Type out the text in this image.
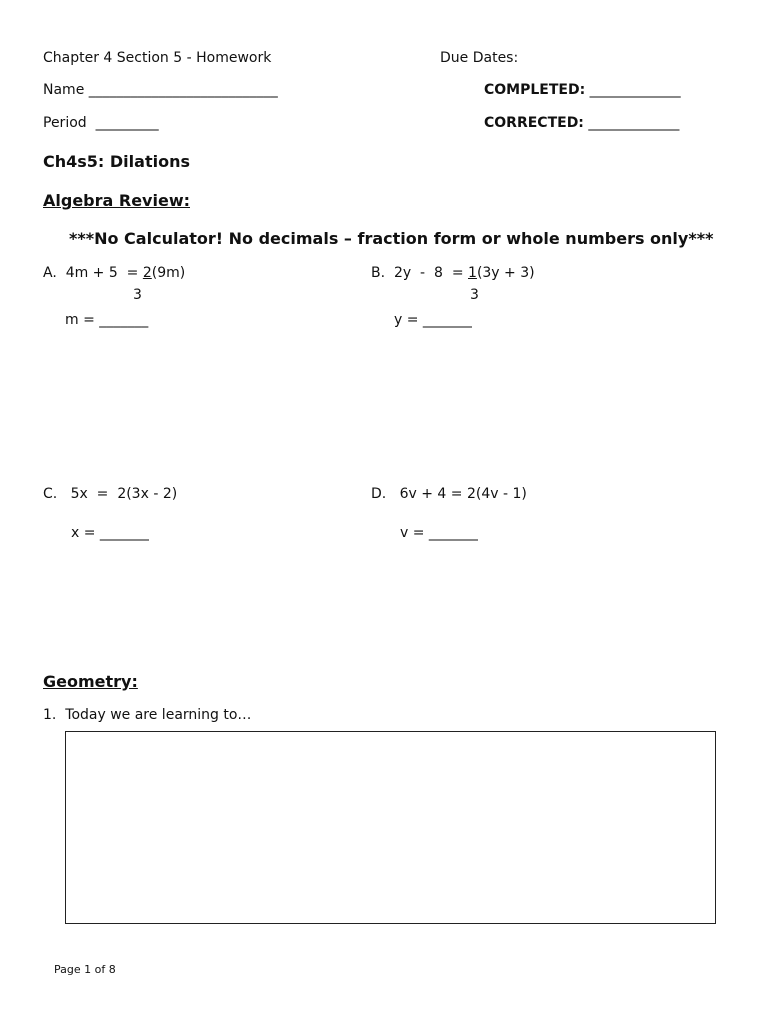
Chapter 4 Section 5 - Homework	Due Dates:
Name ___________________________	COMPLETED: _____________
Period _________	CORRECTED: _____________
Ch4s5: Dilations
Algebra Review:
***No Calculator! No decimals – fraction form or whole numbers only***
A. 4m + 5  = 2(9m)
3
m = _______
B. 2y  -  8  = 1(3y + 3)
3
y = _______
C. 5x  =  2(3x - 2)
x = _______
D. 6v + 4 = 2(4v - 1)
v = _______
Geometry:
1. Today we are learning to…
Page 1 of 8
